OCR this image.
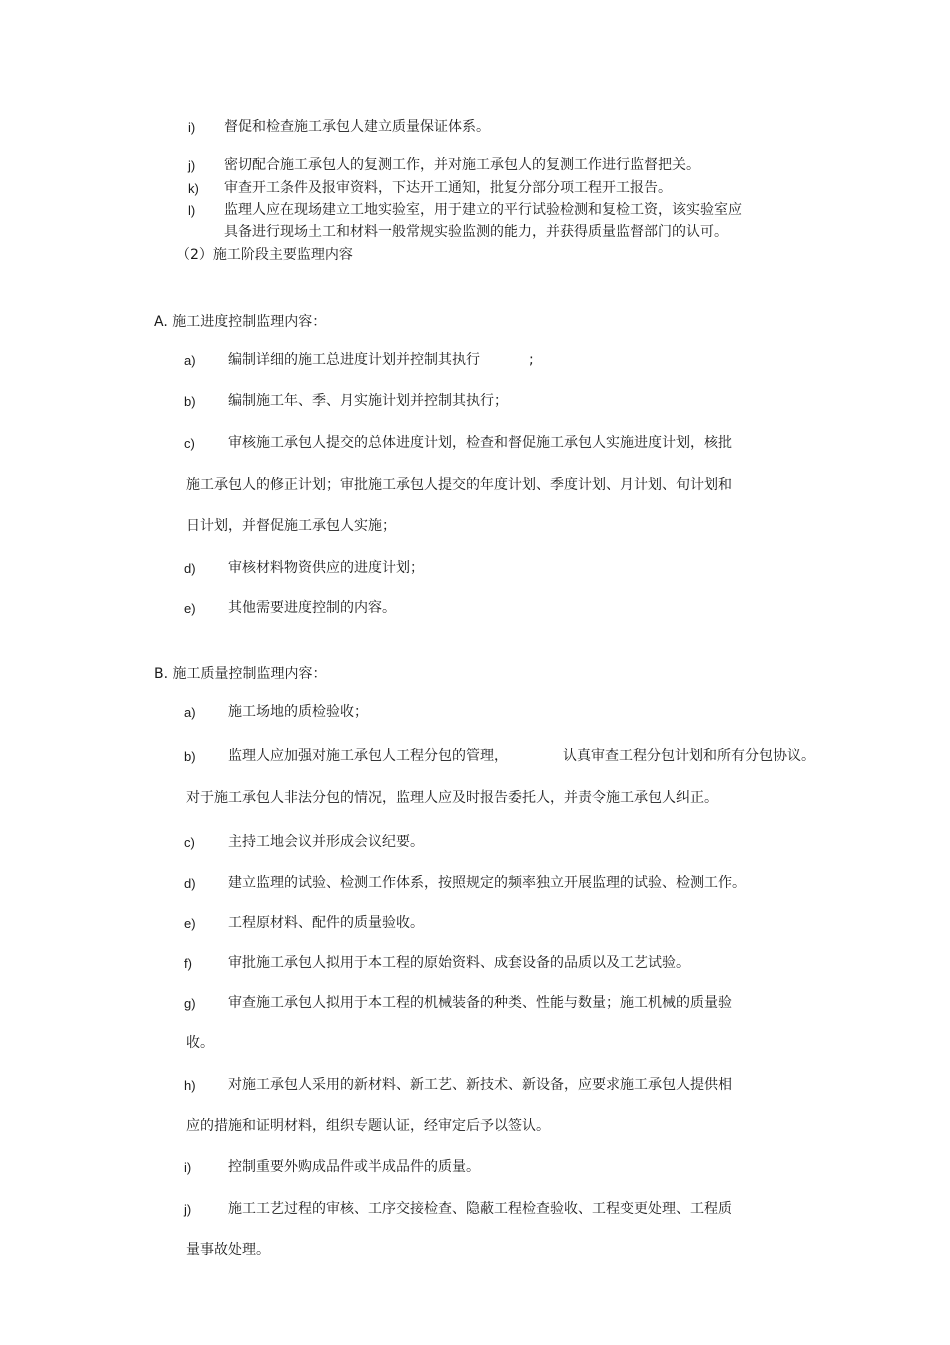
i) 督促和检查施工承包人建立质量保证体系。
j) 密切配合施工承包人的复测工作，并对施工承包人的复测工作进行监督把关。
k) 审查开工条件及报审资料，下达开工通知，批复分部分项工程开工报告。
l) 监理人应在现场建立工地实验室，用于建立的平行试验检测和复检工资，该实验室应
具备进行现场土工和材料一般常规实验监测的能力，并获得质量监督部门的认可。
（2）施工阶段主要监理内容
A. 施工进度控制监理内容：
a) 编制详细的施工总进度计划并控制其执行	;
b) 编制施工年、季、月实施计划并控制其执行；
c) 审核施工承包人提交的总体进度计划，检查和督促施工承包人实施进度计划，核批
施工承包人的修正计划；审批施工承包人提交的年度计划、季度计划、月计划、旬计划和
日计划，并督促施工承包人实施；
d) 审核材料物资供应的进度计划；
e) 其他需要进度控制的内容。
B. 施工质量控制监理内容：
a) 施工场地的质检验收；
b) 监理人应加强对施工承包人工程分包的管理，	认真审查工程分包计划和所有分包协议。
对于施工承包人非法分包的情况，监理人应及时报告委托人，并责令施工承包人纠正。
c) 主持工地会议并形成会议纪要。
d) 建立监理的试验、检测工作体系，按照规定的频率独立开展监理的试验、检测工作。
e) 工程原材料、配件的质量验收。
f)	审批施工承包人拟用于本工程的原始资料、成套设备的品质以及工艺试验。
g) 审查施工承包人拟用于本工程的机械装备的种类、性能与数量；施工机械的质量验
收。
h) 对施工承包人采用的新材料、新工艺、新技术、新设备，应要求施工承包人提供相
应的措施和证明材料，组织专题认证，经审定后予以签认。
i)	控制重要外购成品件或半成品件的质量。
j)	施工工艺过程的审核、工序交接检查、隐蔽工程检查验收、工程变更处理、工程质
量事故处理。
